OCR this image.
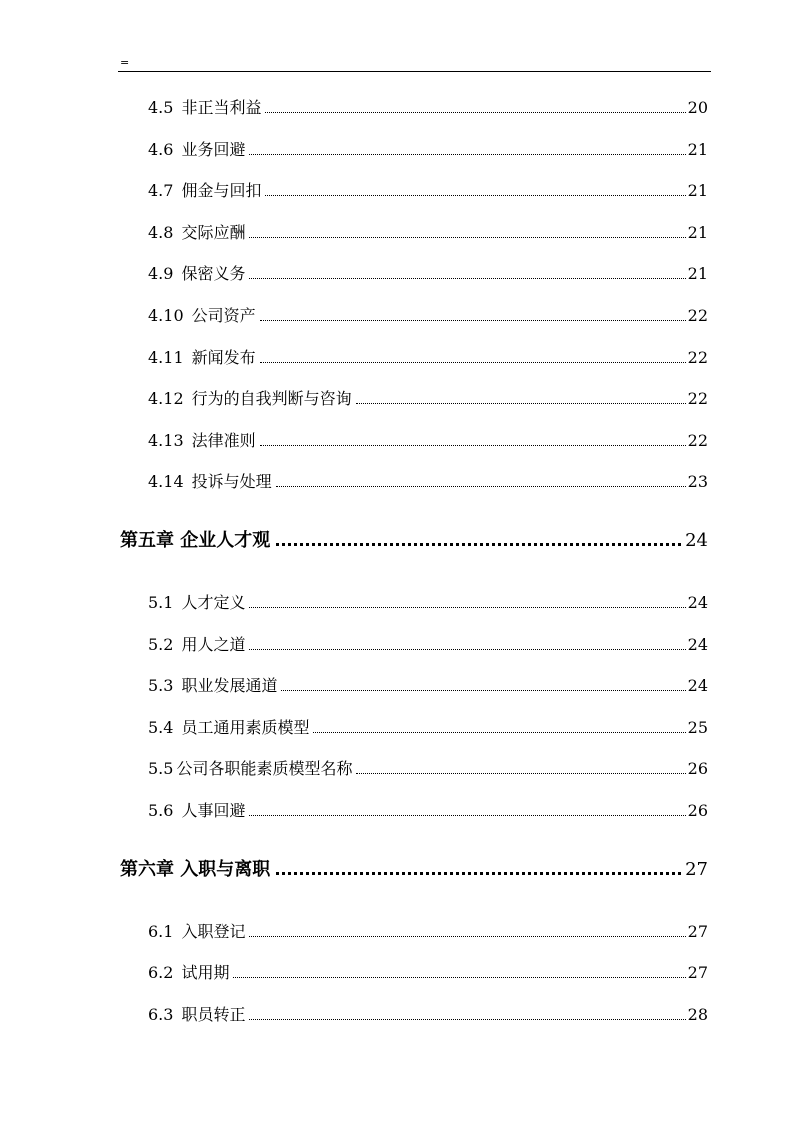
=
4.5 非正当利益	20
4.6 业务回避	21
4.7 佣金与回扣	21
4.8 交际应酬	21
4.9 保密义务	21
4.10 公司资产	22
4.11 新闻发布	22
4.12 行为的自我判断与咨询	22
4.13 法律准则	22
4.14 投诉与处理	23
第五章 企业人才观	24
5.1 人才定义	24
5.2 用人之道	24
5.3 职业发展通道	24
5.4 员工通用素质模型	25
5.5 公司各职能素质模型名称	26
5.6 人事回避	26
第六章 入职与离职	27
6.1 入职登记	27
6.2 试用期	27
6.3 职员转正	28
